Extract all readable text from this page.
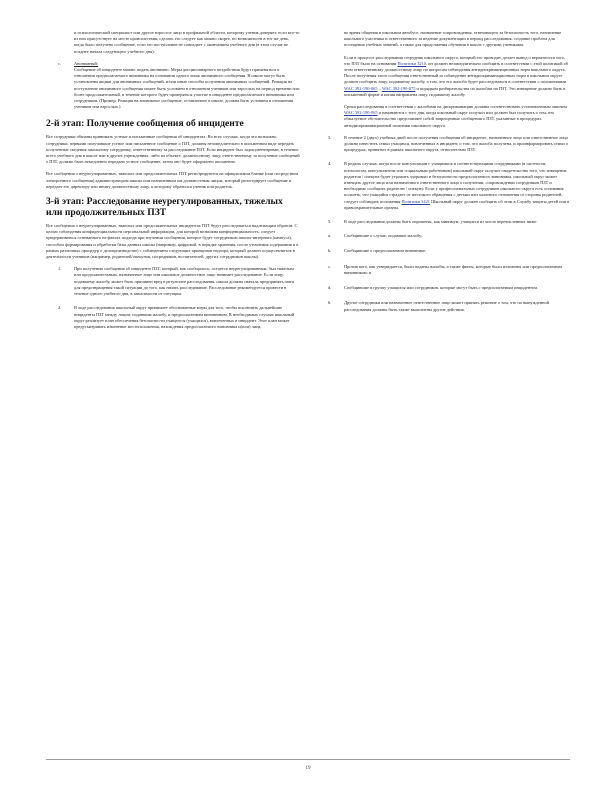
и психологический специалист или другое взрослое лицо в профильной области, которому ученик доверяет, если кто-то из них присутствует на месте происшествия; сделать это следует как можно скорее, по возможности в тот же день, когда было получено сообщение, если его поступление не совпадает с окончанием учебного дня (в этом случае не позднее начала следующего учебного дня).

c.	Анонимный:
Сообщение об инциденте можно подать анонимно. Меры дисциплинарного воздействия будут применяться в отношении предполагаемого виновника на основании одного лишь анонимного сообщения. В школе могут быть установлены ящики для анонимных сообщений, и/или иные способы получения анонимных сообщений. Реакция на поступление анонимного сообщения может быть условием в отношении учеников или взрослых на период времени или более продолжительный, в течение которого будет проверяться участие в инциденте предполагаемого виновника или сотрудников. (Пример: Реакция на анонимное сообщение, оставленное в школе, должна быть условием в отношении учеников или взрослых.)
2-й этап: Получение сообщения об инциденте

Все сотрудники обязаны принимать устные и письменные сообщения об инцидентах. Во всех случаях, когда это возможно, сотрудники, первыми получившие устное или письменное сообщение о ПЗТ, должны незамедлительно в письменном виде передать полученные сведения школьному сотруднику, ответственному за расследование ПЗТ. Если инцидент был задокументирован, в течение всего учебного дня в школе или в других учреждениях, либо на объекте, должностному лицу, ответственному за получение сообщений о ПЗТ, должно быть немедленно передано устное сообщение, затем оно будет оформлено письменно.

Все сообщения о неурегулированных, тяжелых или продолжительных ПЗТ регистрируются на официальном бланке (или посредством электронного сообщения) администратором школы или назначенным им должностным лицом, который регистрирует сообщение и передает его директору или иному должностному лицу, к которому обратился ученик или родитель.

3-й этап: Расследование неурегулированных, тяжелых или продолжительных ПЗТ

Все сообщения о неурегулированных, тяжелых или продолжительных инцидентах ПЗТ будут расследоваться надлежащим образом. С целью соблюдения конфиденциальности персональной информации, для которой возможна конфиденциальность, следует придерживаться основанного на фактах подхода при изучении сообщения, которое будет сотрудником школы-интерната (кампуса), способом формирования и обработки базы данных школы (например, цифровой, в порядке хранения, после уточнения содержания и в рамках различных процедур о делопроизводстве) с соблюдением следующих принципов надзора, который должен осуществляться в деятельности учеников (например, родителей/опекунов, посредников, воспитателей, других сотрудников школы).

1.	При получении сообщения об инциденте ПЗТ, который, как сообщалось, остается неурегулированным, был тяжелым или продолжительным, назначенное лицо или школьное должностное лицо начинает расследование. Если лицу, подавшему жалобу, может быть причинен вред в результате расследования, школа должна сначала предпринять шаги для предотвращения такой ситуации до того, как начать расследование. Расследование рекомендуется провести в течение одного учебного дня, в зависимости от ситуации.
2.	В ходе расследования школьный округ принимает обоснованные меры для того, чтобы исключить дальнейшие инциденты ПЗТ между лицом, подавшим жалобу, и предполагаемым виновником. В необходимых случаях школьный округ реализует план обеспечения безопасности учащегося (учащихся), вовлеченных в инцидент. Этот план может предусматривать изменение местоположения, нахождения предполагаемого виновника и(или) лица,

во время общения в школьном автобусе, назначение сопровождения, отвечающего за безопасность того, назначение школьного участника и ответственного за ведение документации в период расследования, создание проблем для посещения учебных занятий, а также для продолжения обучения в школе с другими учениками.

Если в процессе расследования сотрудник школьного округа, который его проводит, делает вывод о вероятности того, что ПЗТ было на основании Политики 3210, он должен незамедлительно сообщить в соответствии с этой политикой об этом ответственному должностному лицу по вопросам соблюдения антидискриминационных норм школьного округа. После получения этого сообщения ответственный за соблюдение антидискриминационных норм в школьном округе должен сообщить лицу, подавшему жалобу, о том, что его жалоба будет расследоваться в соответствии с положениями WAC 392-190-065 – WAC 392-190-075 и порядком разбирательства по жалобам на ПЗТ. Это извещение должно быть в письменной форме и копия направлена лицу, подавшему жалобу.

Сроки расследования в соответствии с жалобами на дискриминацию должны соответствовать установленным законом WAC 392-190-065 и начинаются с того дня, когда школьный округ получил или должен был получить о том, что обжалуемое обстоятельство представляет собой запрещенные сообщения о ПЗТ, указанные в процедурах антидискриминационной политики школьного округа.

3.	В течение 2 (двух) учебных дней после получения сообщения об инциденте, назначенное лицо или ответственное лицо должно известить семьи учащихся, вовлеченных в инцидент, о том, что жалоба получена, и проинформировать семьи о процедурах, принятых в рамках школьного округа, относительно ПЗТ.
4.	В редких случаях, когда после консультации с учащимися и соответствующими сотрудниками (в частности, психологом, консультантом или социальным работником) школьный округ получит свидетельства того, что извещение родителя / опекуна будет угрожать здоровью и безопасности предполагаемого виновника, школьный округ может извещать другое лицо или назначенного ответственного лица о получении, сопровождении сотрудников ПЗТ и необходимо сообщить родителю / опекуну. Если у профессиональных сотрудников школьного округа есть основания полагать, что учащийся страдает от жестокого обращения с детьми или халатного отношения со стороны родителей, следует соблюдать положения Политики 3421 Школьный округ должен сообщить об этом в Службу защиты детей или в правоохранительные органы.
5.	В ходе расследования должны быть опрошены, как минимум, учащиеся из числа перечисленных ниже:
a.	Сообщившие о случае, подавшие жалобу;
b.	Сообщившие о предполагаемом виновнике;
c.	Против кого, как утверждается, были поданы жалобы, а также факты, которые были изложены или предполагаемым виновником; и
d.	Сообщившие в группу учащихся или сотрудников, которые могут быть с предполагаемым инцидентом.
6.	Другие сотрудники или назначенное ответственное лицо может принять решение о том, что по вынужденной расследования должны быть также выполнены другие действия.
19
